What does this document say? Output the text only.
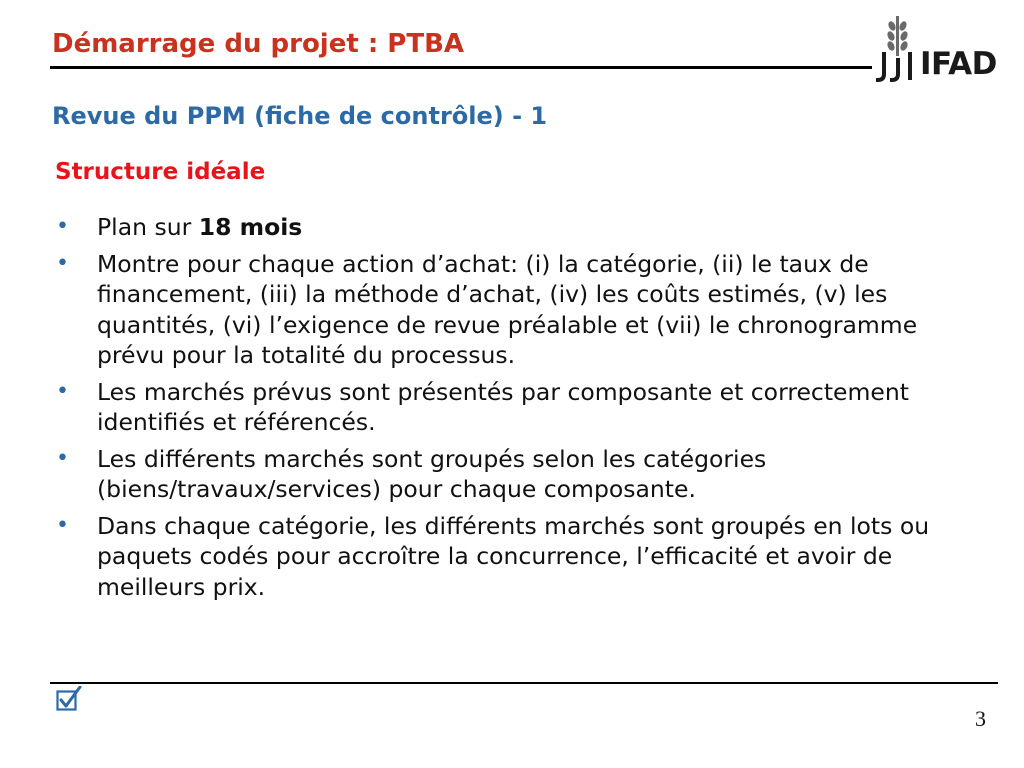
Démarrage du projet : PTBA
IFAD
Revue du PPM (fiche de contrôle) - 1
Structure idéale
• Plan sur 18 mois
• Montre pour chaque action d’achat: (i) la catégorie, (ii) le taux de financement, (iii) la méthode d’achat, (iv) les coûts estimés, (v) les quantités, (vi) l’exigence de revue préalable et (vii) le chronogramme prévu pour la totalité du processus.
• Les marchés prévus sont présentés par composante et correctement identifiés et référencés.
• Les différents marchés sont groupés selon les catégories (biens/travaux/services) pour chaque composante.
• Dans chaque catégorie, les différents marchés sont groupés en lots ou paquets codés pour accroître la concurrence, l’efficacité et avoir de meilleurs prix.
3
